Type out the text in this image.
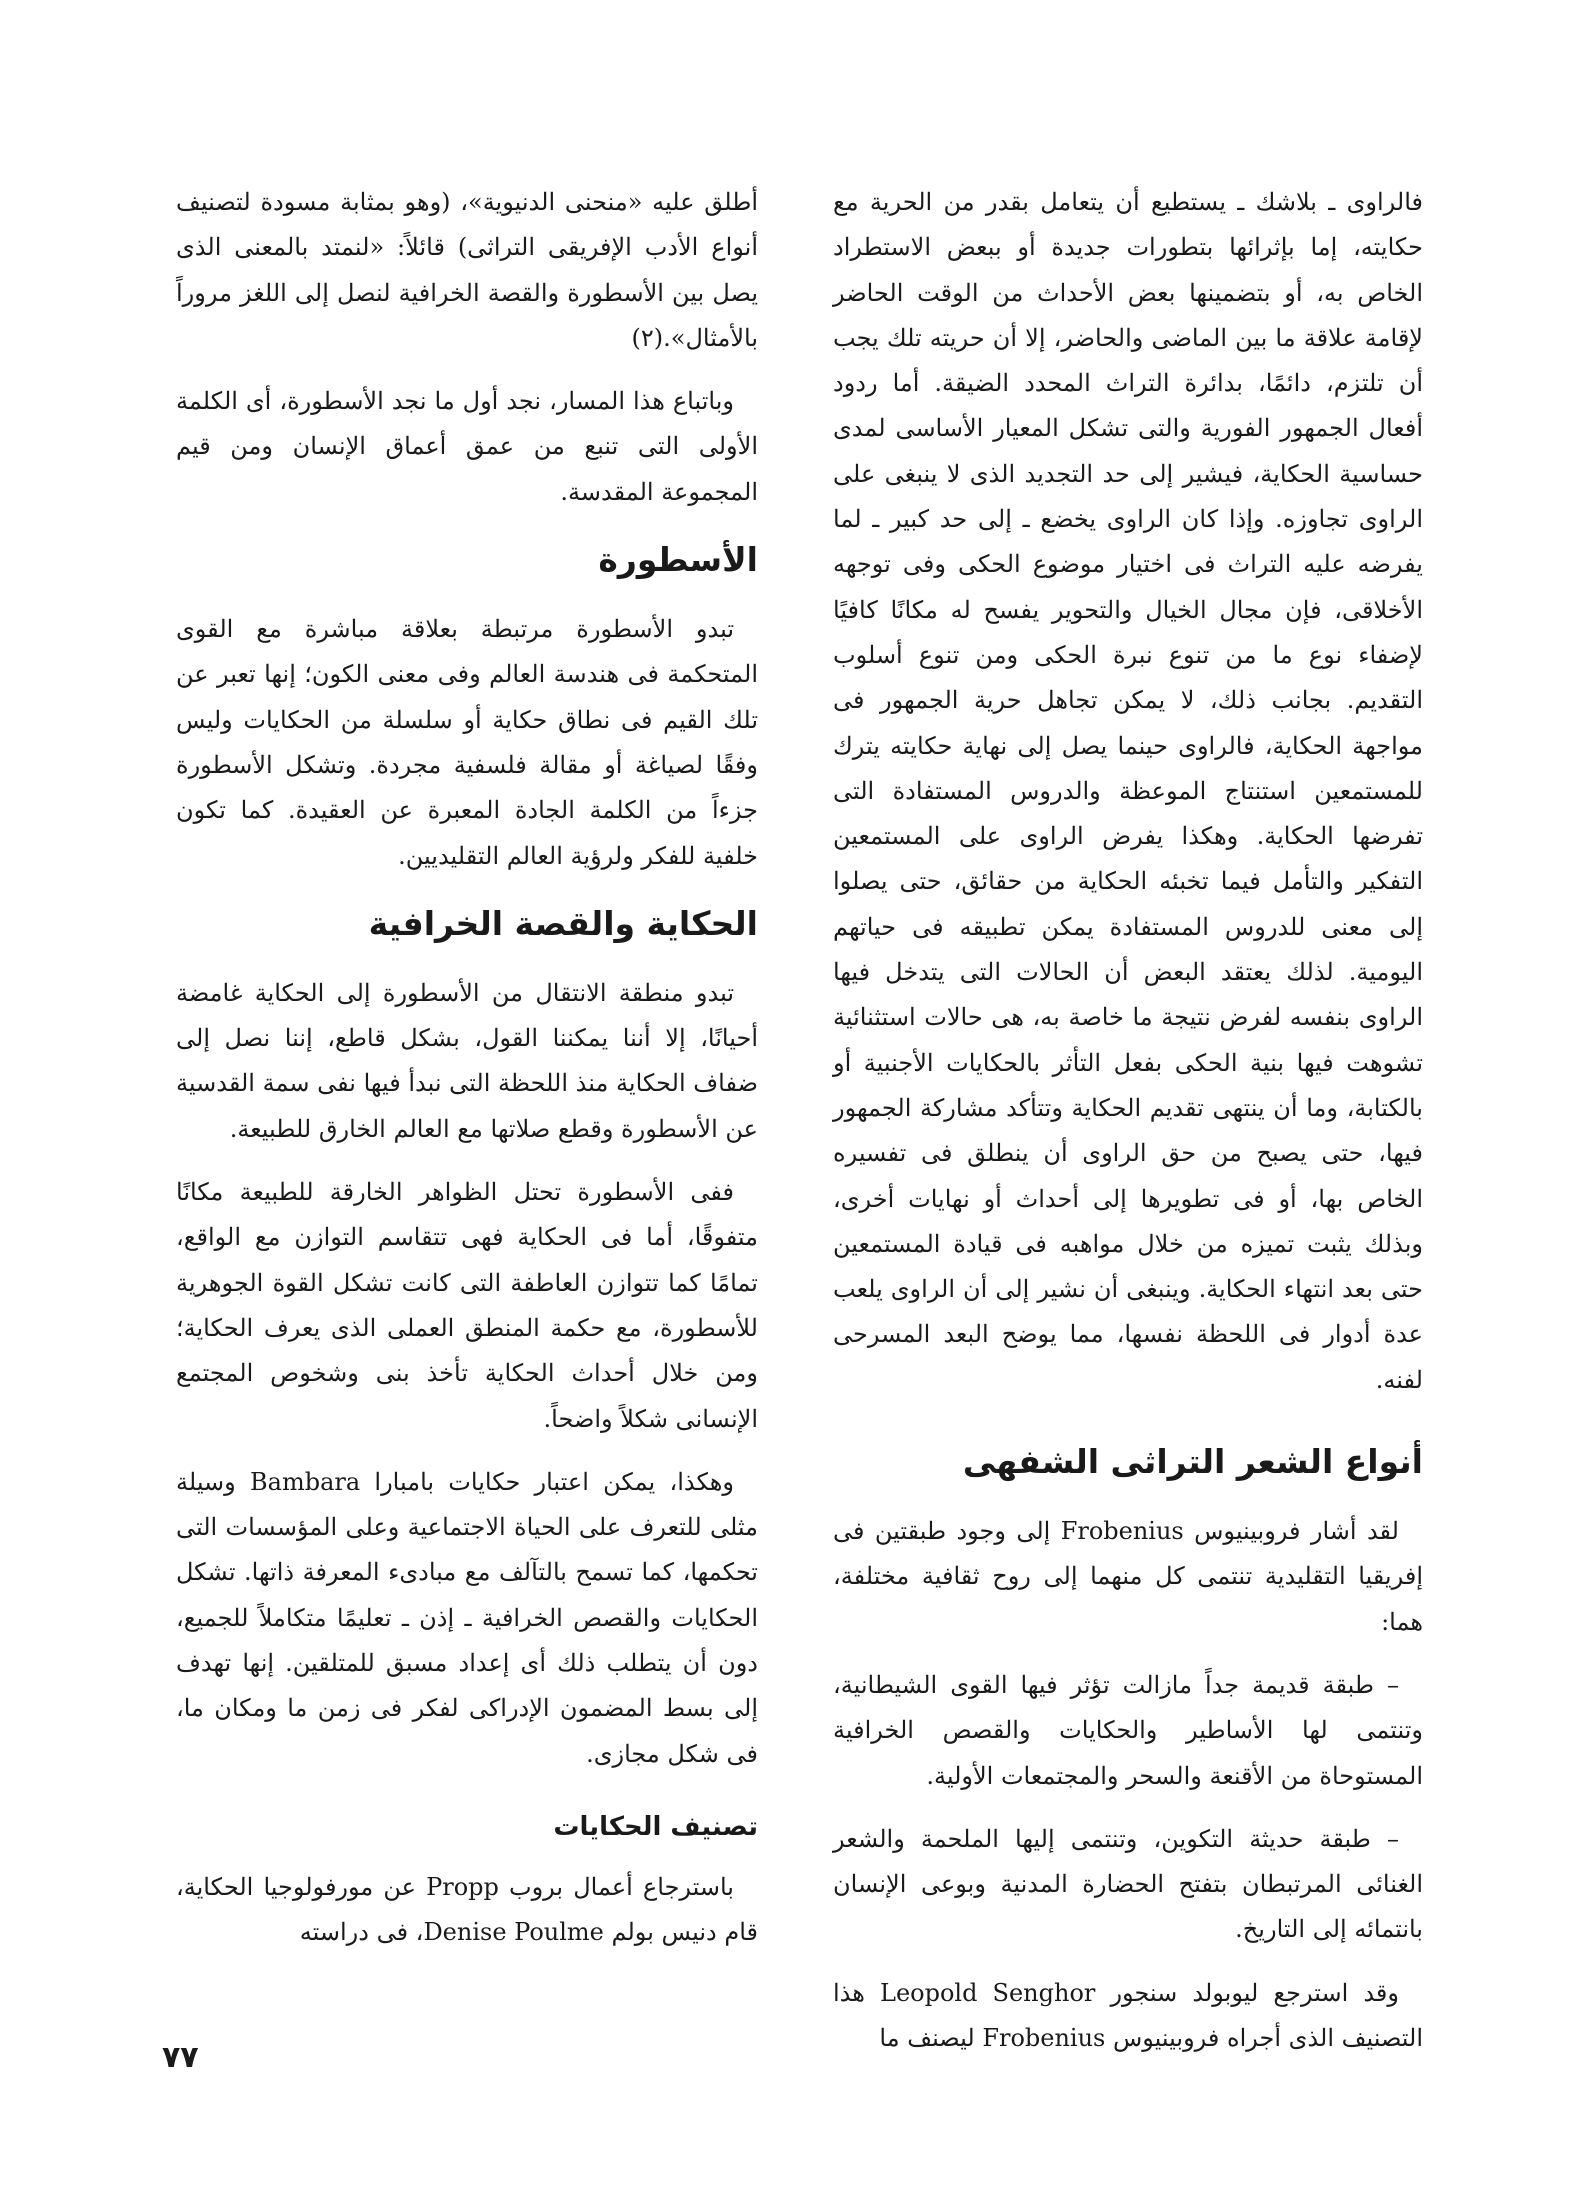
فالراوى ـ بلاشك ـ يستطيع أن يتعامل بقدر من الحرية مع حكايته، إما بإثرائها بتطورات جديدة أو ببعض الاستطراد الخاص به، أو بتضمينها بعض الأحداث من الوقت الحاضر لإقامة علاقة ما بين الماضى والحاضر، إلا أن حريته تلك يجب أن تلتزم، دائمًا، بدائرة التراث المحدد الضيقة. أما ردود أفعال الجمهور الفورية والتى تشكل المعيار الأساسى لمدى حساسية الحكاية، فيشير إلى حد التجديد الذى لا ينبغى على الراوى تجاوزه. وإذا كان الراوى يخضع ـ إلى حد كبير ـ لما يفرضه عليه التراث فى اختيار موضوع الحكى وفى توجهه الأخلاقى، فإن مجال الخيال والتحوير يفسح له مكانًا كافيًا لإضفاء نوع ما من تنوع نبرة الحكى ومن تنوع أسلوب التقديم. بجانب ذلك، لا يمكن تجاهل حرية الجمهور فى مواجهة الحكاية، فالراوى حينما يصل إلى نهاية حكايته يترك للمستمعين استنتاج الموعظة والدروس المستفادة التى تفرضها الحكاية. وهكذا يفرض الراوى على المستمعين التفكير والتأمل فيما تخبئه الحكاية من حقائق، حتى يصلوا إلى معنى للدروس المستفادة يمكن تطبيقه فى حياتهم اليومية. لذلك يعتقد البعض أن الحالات التى يتدخل فيها الراوى بنفسه لفرض نتيجة ما خاصة به، هى حالات استثنائية تشوهت فيها بنية الحكى بفعل التأثر بالحكايات الأجنبية أو بالكتابة، وما أن ينتهى تقديم الحكاية وتتأكد مشاركة الجمهور فيها، حتى يصبح من حق الراوى أن ينطلق فى تفسيره الخاص بها، أو فى تطويرها إلى أحداث أو نهايات أخرى، وبذلك يثبت تميزه من خلال مواهبه فى قيادة المستمعين حتى بعد انتهاء الحكاية. وينبغى أن نشير إلى أن الراوى يلعب عدة أدوار فى اللحظة نفسها، مما يوضح البعد المسرحى لفنه.

أنواع الشعر التراثى الشفهى

لقد أشار فروبينيوس Frobenius إلى وجود طبقتين فى إفريقيا التقليدية تنتمى كل منهما إلى روح ثقافية مختلفة، هما:

– طبقة قديمة جداً مازالت تؤثر فيها القوى الشيطانية، وتنتمى لها الأساطير والحكايات والقصص الخرافية المستوحاة من الأقنعة والسحر والمجتمعات الأولية.

– طبقة حديثة التكوين، وتنتمى إليها الملحمة والشعر الغنائى المرتبطان بتفتح الحضارة المدنية وبوعى الإنسان بانتمائه إلى التاريخ.

وقد استرجع ليوبولد سنجور Leopold Senghor هذا التصنيف الذى أجراه فروبينيوس Frobenius ليصنف ما

أطلق عليه «منحنى الدنيوية»، (وهو بمثابة مسودة لتصنيف أنواع الأدب الإفريقى التراثى) قائلاً: «لنمتد بالمعنى الذى يصل بين الأسطورة والقصة الخرافية لنصل إلى اللغز مروراً بالأمثال».(٢)

وباتباع هذا المسار، نجد أول ما نجد الأسطورة، أى الكلمة الأولى التى تنبع من عمق أعماق الإنسان ومن قيم المجموعة المقدسة.

الأسطورة

تبدو الأسطورة مرتبطة بعلاقة مباشرة مع القوى المتحكمة فى هندسة العالم وفى معنى الكون؛ إنها تعبر عن تلك القيم فى نطاق حكاية أو سلسلة من الحكايات وليس وفقًا لصياغة أو مقالة فلسفية مجردة. وتشكل الأسطورة جزءاً من الكلمة الجادة المعبرة عن العقيدة. كما تكون خلفية للفكر ولرؤية العالم التقليديين.

الحكاية والقصة الخرافية

تبدو منطقة الانتقال من الأسطورة إلى الحكاية غامضة أحيانًا، إلا أننا يمكننا القول، بشكل قاطع، إننا نصل إلى ضفاف الحكاية منذ اللحظة التى نبدأ فيها نفى سمة القدسية عن الأسطورة وقطع صلاتها مع العالم الخارق للطبيعة.

ففى الأسطورة تحتل الظواهر الخارقة للطبيعة مكانًا متفوقًا، أما فى الحكاية فهى تتقاسم التوازن مع الواقع، تمامًا كما تتوازن العاطفة التى كانت تشكل القوة الجوهرية للأسطورة، مع حكمة المنطق العملى الذى يعرف الحكاية؛ ومن خلال أحداث الحكاية تأخذ بنى وشخوص المجتمع الإنسانى شكلاً واضحاً.

وهكذا، يمكن اعتبار حكايات بامبارا Bambara وسيلة مثلى للتعرف على الحياة الاجتماعية وعلى المؤسسات التى تحكمها، كما تسمح بالتآلف مع مبادىء المعرفة ذاتها. تشكل الحكايات والقصص الخرافية ـ إذن ـ تعليمًا متكاملاً للجميع، دون أن يتطلب ذلك أى إعداد مسبق للمتلقين. إنها تهدف إلى بسط المضمون الإدراكى لفكر فى زمن ما ومكان ما، فى شكل مجازى.

تصنيف الحكايات

باسترجاع أعمال بروب Propp عن مورفولوجيا الحكاية، قام دنيس بولم Denise Poulme، فى دراسته

٧٧
